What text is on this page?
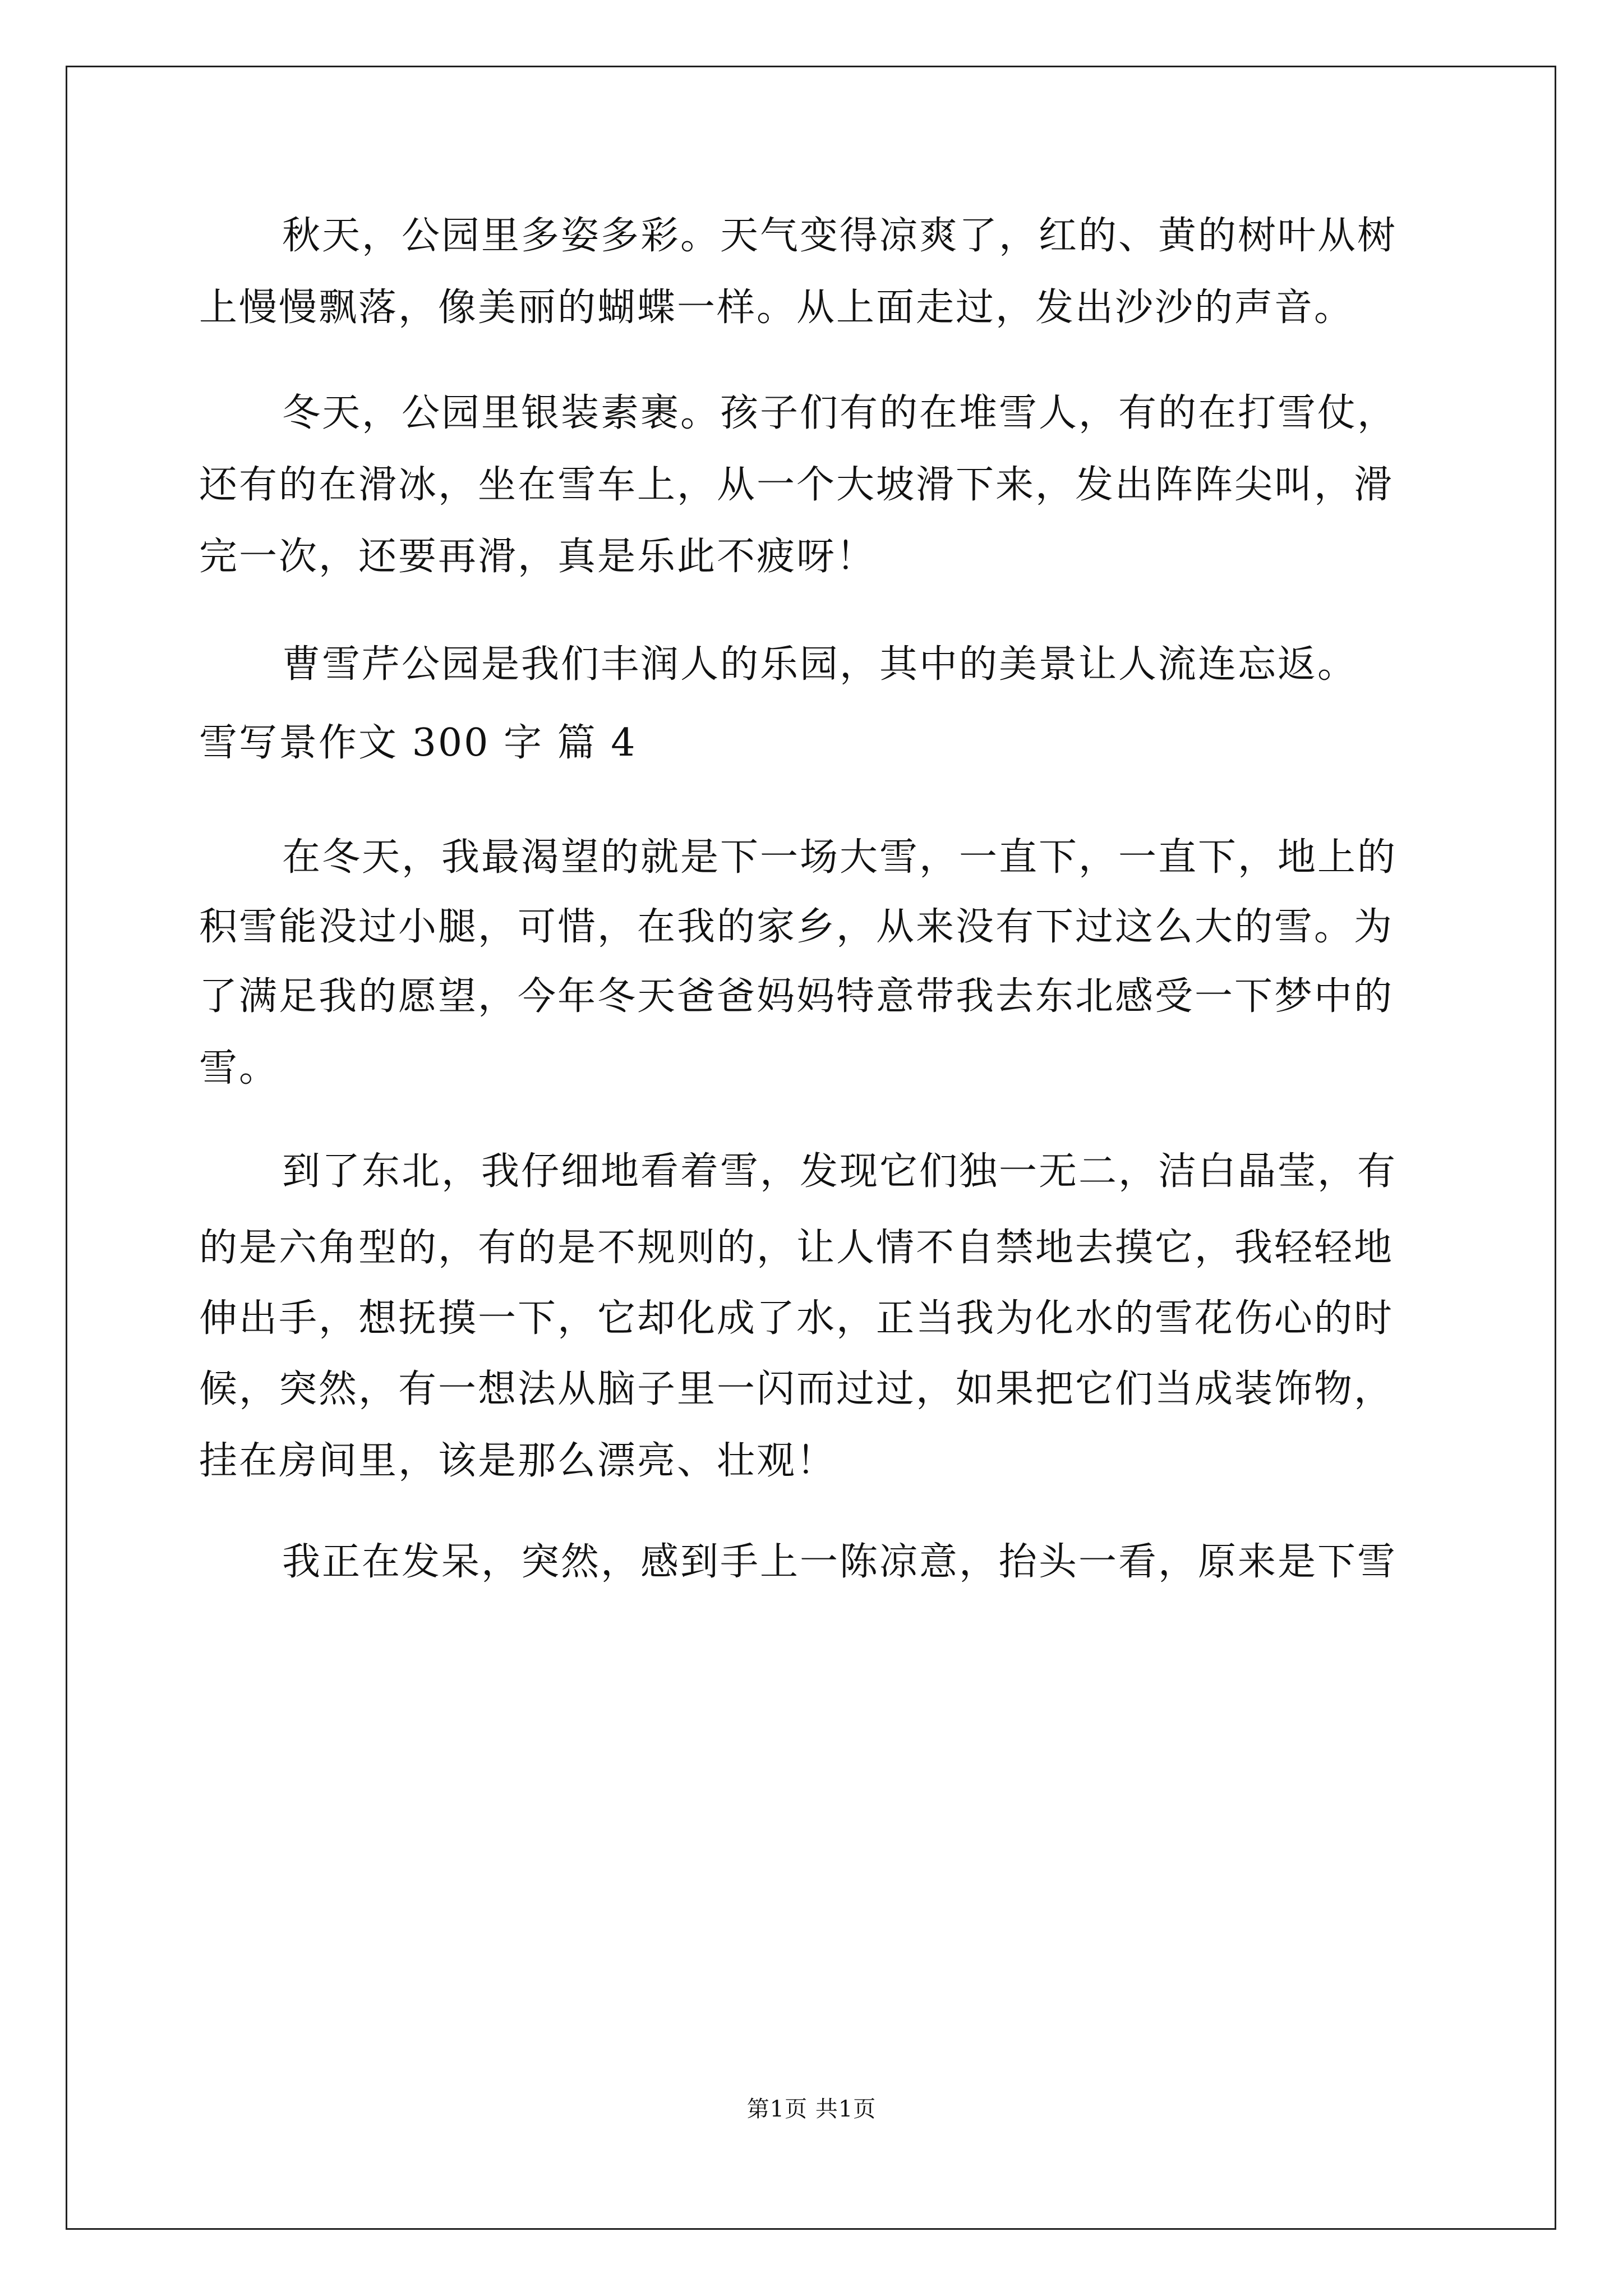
秋天，公园里多姿多彩。天气变得凉爽了，红的、黄的树叶从树
上慢慢飘落，像美丽的蝴蝶一样。从上面走过，发出沙沙的声音。
冬天，公园里银装素裹。孩子们有的在堆雪人，有的在打雪仗，
还有的在滑冰，坐在雪车上，从一个大坡滑下来，发出阵阵尖叫，滑
完一次，还要再滑，真是乐此不疲呀！
曹雪芹公园是我们丰润人的乐园，其中的美景让人流连忘返。
雪写景作文 300 字 篇 4
在冬天，我最渴望的就是下一场大雪，一直下，一直下，地上的
积雪能没过小腿，可惜，在我的家乡，从来没有下过这么大的雪。为
了满足我的愿望，今年冬天爸爸妈妈特意带我去东北感受一下梦中的
雪。
到了东北，我仔细地看着雪，发现它们独一无二，洁白晶莹，有
的是六角型的，有的是不规则的，让人情不自禁地去摸它，我轻轻地
伸出手，想抚摸一下，它却化成了水，正当我为化水的雪花伤心的时
候，突然，有一想法从脑子里一闪而过过，如果把它们当成装饰物，
挂在房间里，该是那么漂亮、壮观！
我正在发呆，突然，感到手上一陈凉意，抬头一看，原来是下雪
第1页 共1页
